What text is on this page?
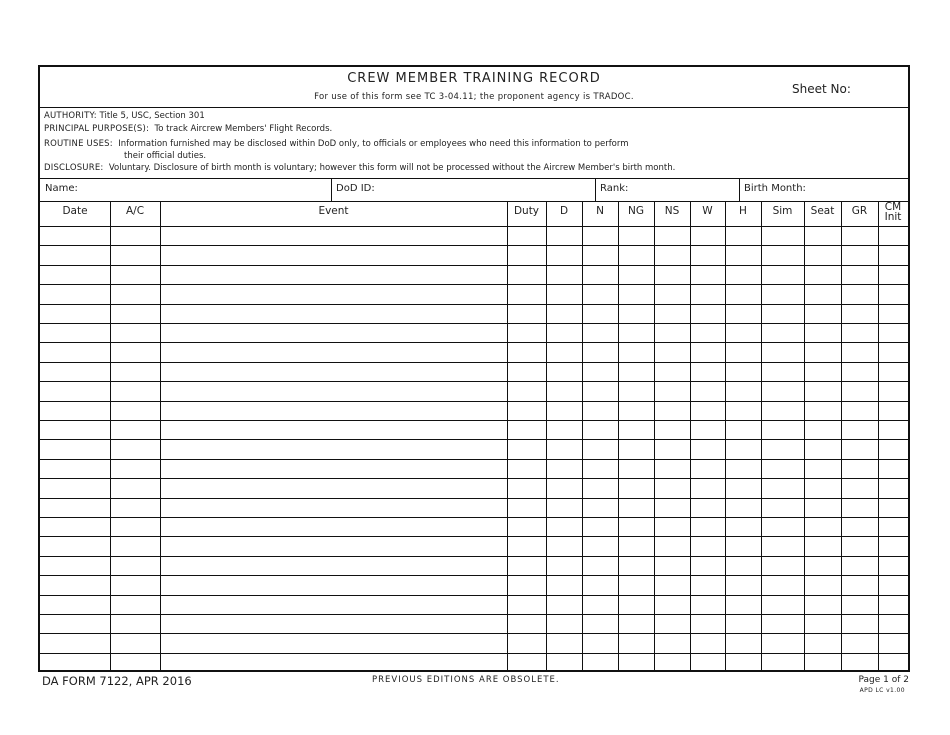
CREW MEMBER TRAINING RECORD
For use of this form see TC 3-04.11; the proponent agency is TRADOC.
Sheet No:
AUTHORITY: Title 5, USC, Section 301
PRINCIPAL PURPOSE(S): To track Aircrew Members' Flight Records.
ROUTINE USES: Information furnished may be disclosed within DoD only, to officials or employees who need this information to perform
their official duties.
DISCLOSURE: Voluntary. Disclosure of birth month is voluntary; however this form will not be processed without the Aircrew Member's birth month.
Name:	DoD ID:	Rank:	Birth Month:
Date	A/C	Event	Duty	D	N	NG	NS	W	H	Sim	Seat	GR	CM
Init
DA FORM 7122, APR 2016	PREVIOUS EDITIONS ARE OBSOLETE.	Page 1 of 2
APD LC v1.00
